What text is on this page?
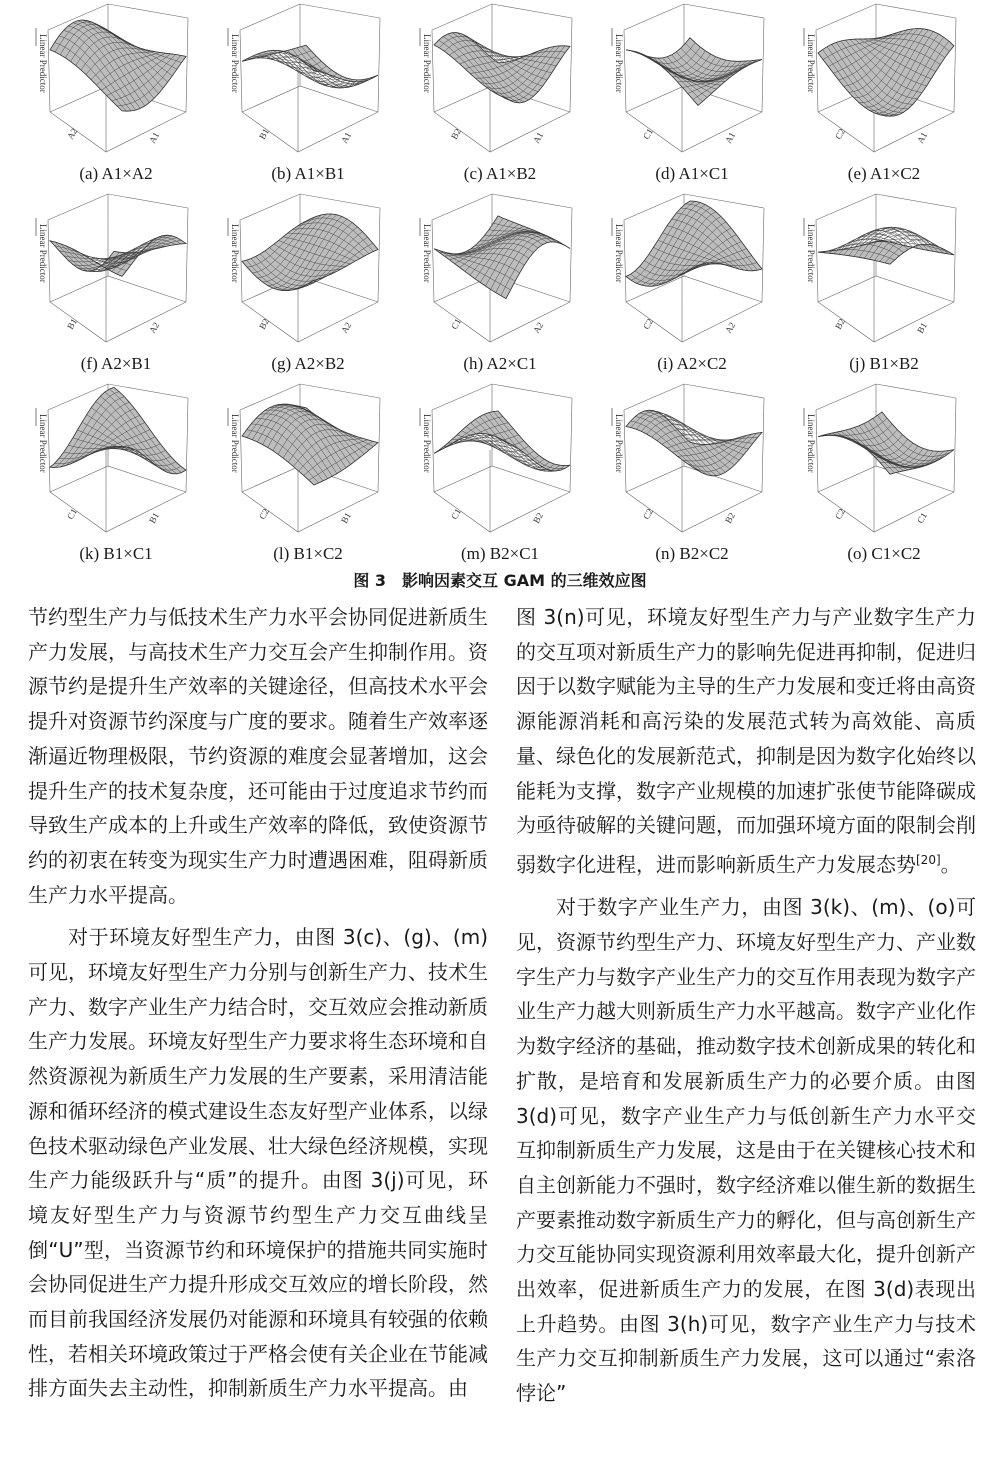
Linear Predictor
A2	A1
(a) A1×A2
Linear Predictor
B1	A1
(b) A1×B1
Linear Predictor
B2	A1
(c) A1×B2
Linear Predictor
C1	A1
(d) A1×C1
Linear Predictor
C2	A1
(e) A1×C2
Linear Predictor
B1	A2
(f) A2×B1
Linear Predictor
B2	A2
(g) A2×B2
Linear Predictor
C1	A2
(h) A2×C1
Linear Predictor
C2	A2
(i) A2×C2
Linear Predictor
B2	B1
(j) B1×B2
Linear Predictor
C1	B1
(k) B1×C1
Linear Predictor
C2	B1
(l) B1×C2
Linear Predictor
C1	B2
(m) B2×C1
Linear Predictor
C2	B2
(n) B2×C2
Linear Predictor
C2	C1
(o) C1×C2
图 3　影响因素交互 GAM 的三维效应图

节约型生产力与低技术生产力水平会协同促进新质生产力发展，与高技术生产力交互会产生抑制作用。资源节约是提升生产效率的关键途径，但高技术水平会提升对资源节约深度与广度的要求。随着生产效率逐渐逼近物理极限，节约资源的难度会显著增加，这会提升生产的技术复杂度，还可能由于过度追求节约而导致生产成本的上升或生产效率的降低，致使资源节约的初衷在转变为现实生产力时遭遇困难，阻碍新质生产力水平提高。

对于环境友好型生产力，由图 3(c)、(g)、(m)可见，环境友好型生产力分别与创新生产力、技术生产力、数字产业生产力结合时，交互效应会推动新质生产力发展。环境友好型生产力要求将生态环境和自然资源视为新质生产力发展的生产要素，采用清洁能源和循环经济的模式建设生态友好型产业体系，以绿色技术驱动绿色产业发展、壮大绿色经济规模，实现生产力能级跃升与“质”的提升。由图 3(j)可见，环境友好型生产力与资源节约型生产力交互曲线呈倒“U”型，当资源节约和环境保护的措施共同实施时会协同促进生产力提升形成交互效应的增长阶段，然而目前我国经济发展仍对能源和环境具有较强的依赖性，若相关环境政策过于严格会使有关企业在节能减排方面失去主动性，抑制新质生产力水平提高。由

图 3(n)可见，环境友好型生产力与产业数字生产力的交互项对新质生产力的影响先促进再抑制，促进归因于以数字赋能为主导的生产力发展和变迁将由高资源能源消耗和高污染的发展范式转为高效能、高质量、绿色化的发展新范式，抑制是因为数字化始终以能耗为支撑，数字产业规模的加速扩张使节能降碳成为亟待破解的关键问题，而加强环境方面的限制会削弱数字化进程，进而影响新质生产力发展态势[20]。

对于数字产业生产力，由图 3(k)、(m)、(o)可见，资源节约型生产力、环境友好型生产力、产业数字生产力与数字产业生产力的交互作用表现为数字产业生产力越大则新质生产力水平越高。数字产业化作为数字经济的基础，推动数字技术创新成果的转化和扩散，是培育和发展新质生产力的必要介质。由图 3(d)可见，数字产业生产力与低创新生产力水平交互抑制新质生产力发展，这是由于在关键核心技术和自主创新能力不强时，数字经济难以催生新的数据生产要素推动数字新质生产力的孵化，但与高创新生产力交互能协同实现资源利用效率最大化，提升创新产出效率，促进新质生产力的发展，在图 3(d)表现出上升趋势。由图 3(h)可见，数字产业生产力与技术生产力交互抑制新质生产力发展，这可以通过“索洛悖论”
